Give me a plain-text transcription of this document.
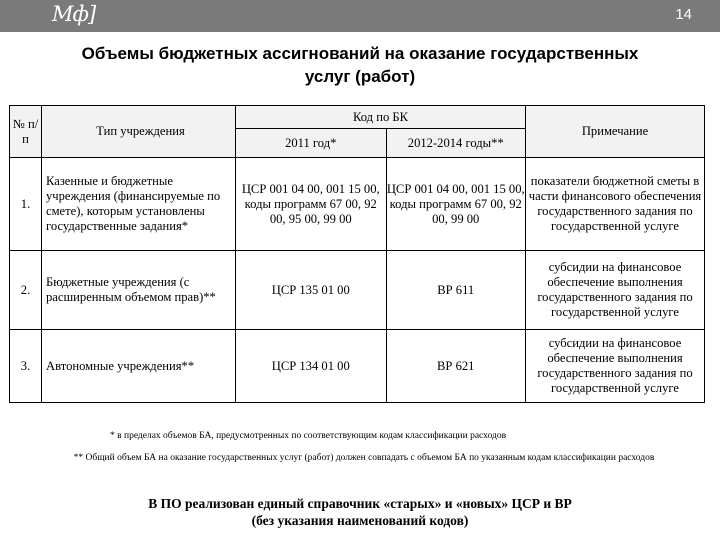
Мф]	14
Объемы бюджетных ассигнований на оказание государственных
услуг (работ)
№ п/п	Тип учреждения	Код по БК		Примечание
		2011 год*	2012-2014 годы**	
1.	Казенные и бюджетные учреждения (финансируемые по смете), которым установлены государственные задания*	ЦСР 001 04 00, 001 15 00, коды программ 67 00, 92 00, 95 00, 99 00	ЦСР 001 04 00, 001 15 00, коды программ 67 00, 92 00, 99 00	показатели бюджетной сметы в части финансового обеспечения государственного задания по государственной услуге
2.	Бюджетные учреждения (с расширенным объемом прав)**	ЦСР 135 01 00	ВР 611	субсидии на финансовое обеспечение выполнения государственного задания по государственной услуге
3.	Автономные учреждения**	ЦСР 134 01 00	ВР 621	субсидии на финансовое обеспечение выполнения государственного задания по государственной услуге
* в пределах объемов БА, предусмотренных по соответствующим кодам классификации расходов
** Общий объем БА на оказание государственных услуг (работ) должен совпадать с объемом БА по указанным кодам классификации расходов
В ПО реализован единый справочник «старых» и «новых» ЦСР и ВР
(без указания наименований кодов)
